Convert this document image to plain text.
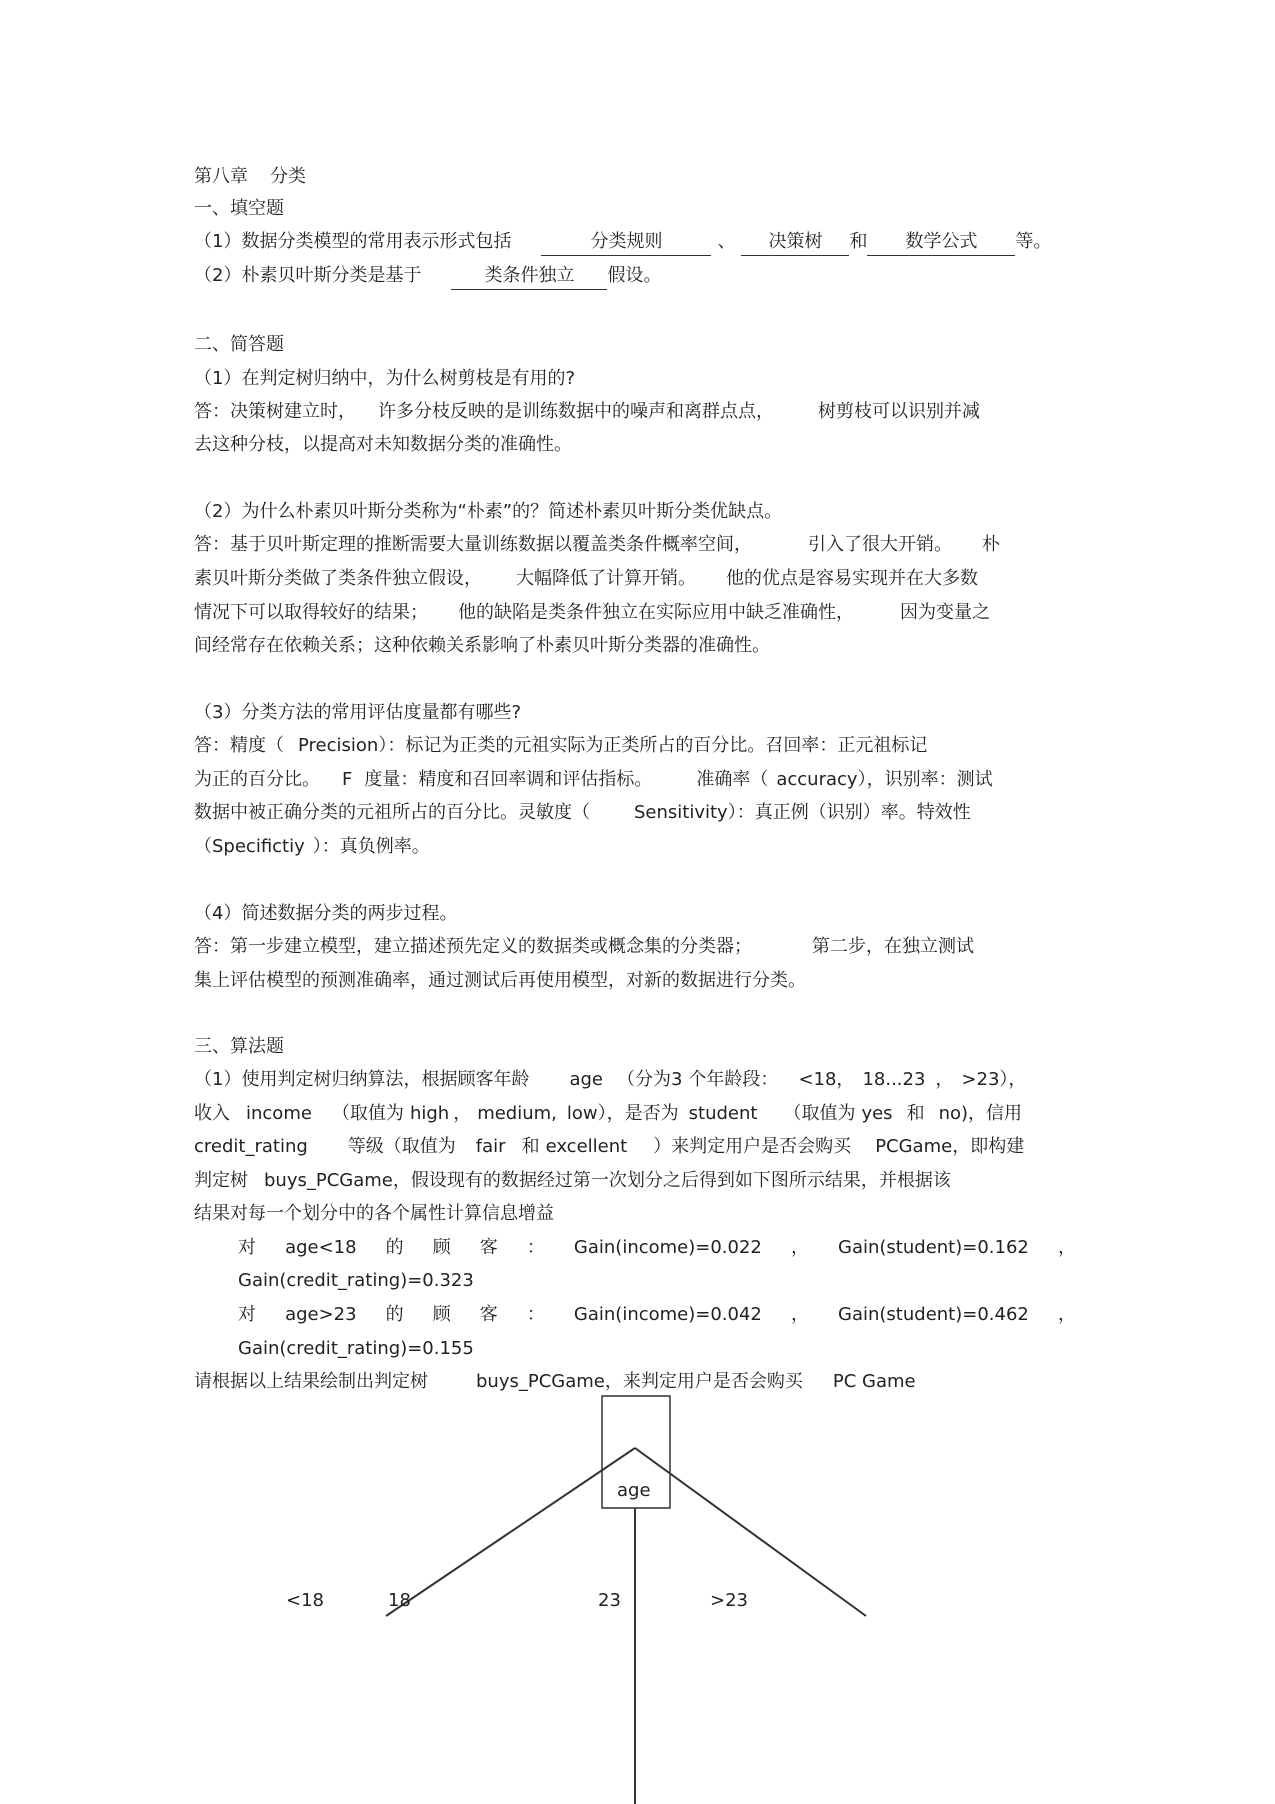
第八章 分类
一、填空题
（1）数据分类模型的常用表示形式包括	分类规则	、 决策树 和 数学公式 等。
（2）朴素贝叶斯分类是基于	类条件独立 假设。
二、简答题
（1）在判定树归纳中，为什么树剪枝是有用的?
答：决策树建立时， 许多分枝反映的是训练数据中的噪声和离群点点， 树剪枝可以识别并减
去这种分枝，以提高对未知数据分类的准确性。
（2）为什么朴素贝叶斯分类称为“朴素”的？简述朴素贝叶斯分类优缺点。
答：基于贝叶斯定理的推断需要大量训练数据以覆盖类条件概率空间，	引入了很大开销。 朴
素贝叶斯分类做了类条件独立假设， 大幅降低了计算开销。 他的优点是容易实现并在大多数
情况下可以取得较好的结果； 他的缺陷是类条件独立在实际应用中缺乏准确性，	因为变量之
间经常存在依赖关系；这种依赖关系影响了朴素贝叶斯分类器的准确性。
（3）分类方法的常用评估度量都有哪些?
答：精度（ Precision）：标记为正类的元祖实际为正类所占的百分比。召回率：正元祖标记
为正的百分比。 F 度量：精度和召回率调和评估指标。 准确率（ accuracy），识别率：测试
数据中被正确分类的元祖所占的百分比。灵敏度（ Sensitivity）：真正例（识别）率。特效性
（Specifictiy ）：真负例率。
（4）简述数据分类的两步过程。
答：第一步建立模型，建立描述预先定义的数据类或概念集的分类器；	第二步，在独立测试
集上评估模型的预测准确率，通过测试后再使用模型，对新的数据进行分类。
三、算法题
（1）使用判定树归纳算法，根据顾客年龄 age （分为3 个年龄段： <18， 18...23 ， >23），
收入 income （取值为 high ， medium, low），是否为 student （取值为 yes 和 no)，信用
credit_rating 等级（取值为 fair 和 excellent ）来判定用户是否会购买 PCGame，即构建
判定树 buys_PCGame，假设现有的数据经过第一次划分之后得到如下图所示结果，并根据该
结果对每一个划分中的各个属性计算信息增益
对 age<18 的 顾 客 ： Gain(income)=0.022 ， Gain(student)=0.162 ，
Gain(credit_rating)=0.323
对 age>23 的 顾 客 ： Gain(income)=0.042 ， Gain(student)=0.462 ，
Gain(credit_rating)=0.155
请根据以上结果绘制出判定树	buys_PCGame，来判定用户是否会购买 PC Game
age
<18	18	23	>23
